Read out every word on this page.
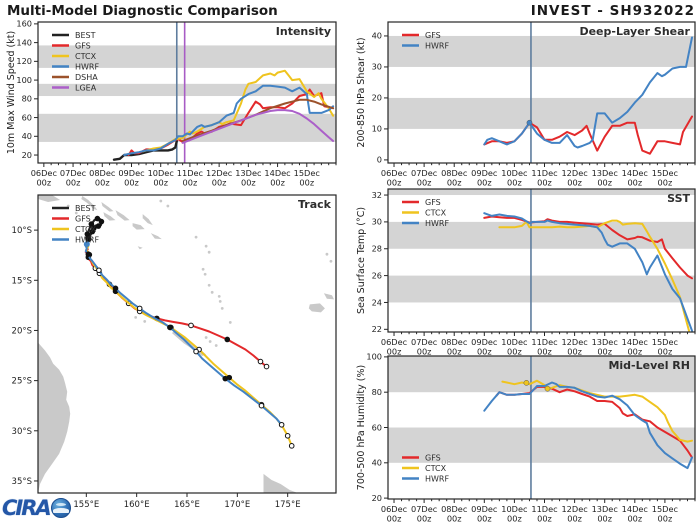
Multi-Model Diagnostic Comparison	INVEST - SH932022
06Dec
00z
07Dec
00z
08Dec
00z
09Dec
00z
10Dec
00z
11Dec
00z
12Dec
00z
13Dec
00z
14Dec
00z
15Dec
00z
20
40
60
80
100
120
140
160
10m Max Wind Speed (kt)	BEST
GFS
CTCX
HWRF
DSHA
LGEA
Intensity
06Dec
00z
07Dec
00z
08Dec
00z
09Dec
00z
10Dec
00z
11Dec
00z
12Dec
00z
13Dec
00z
14Dec
00z
15Dec
00z
0
10
20
30
40
200-850 hPa Shear (kt)
GFS
HWRF
Deep-Layer Shear
06Dec
00z
07Dec
00z
08Dec
00z
09Dec
00z
10Dec
00z
11Dec
00z
12Dec
00z
13Dec
00z
14Dec
00z
15Dec
00z
22
24
26
28
30
32
Sea Surface Temp (°C)
GFS
CTCX
HWRF
SST
06Dec
00z
07Dec
00z
08Dec
00z
09Dec
00z
10Dec
00z
11Dec
00z
12Dec
00z
13Dec
00z
14Dec
00z
15Dec
00z
20
40
60
80
100
700-500 hPa Humidity (%)	GFS
CTCX
HWRF
Mid-Level RH
155°E	160°E	165°E	170°E	175°E
10°S
15°S
20°S
25°S
30°S
35°S
BEST
GFS
CTCX
HWRF
Track
CIRA
